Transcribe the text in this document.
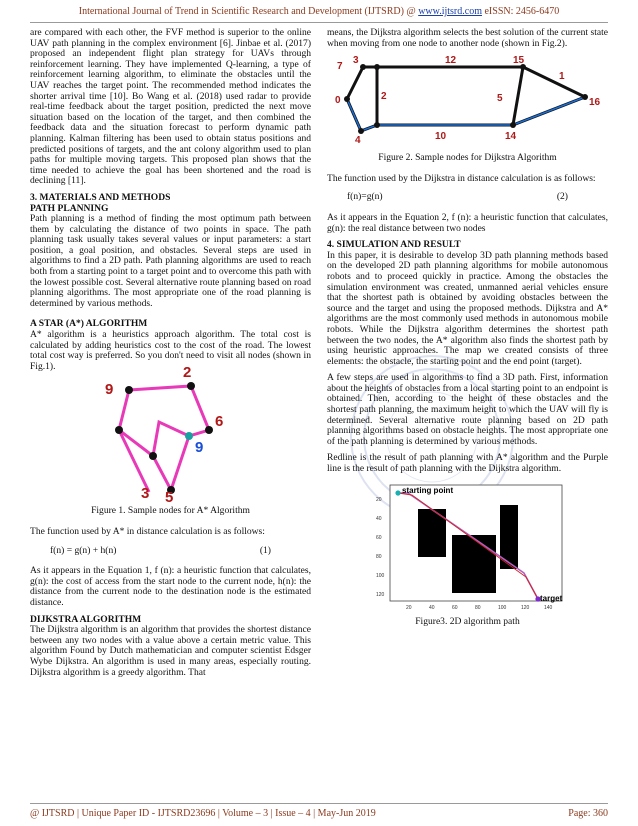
International Journal of Trend in Scientific Research and Development (IJTSRD) @ www.ijtsrd.com eISSN: 2456-6470

are compared with each other, the FVF method is superior to the online UAV path planning in the complex environment [6]. Jinbae et al. (2017) proposed an independent flight plan strategy for UAVs through reinforcement learning. They have implemented Q-learning, a type of reinforcement learning algorithm, to eliminate the obstacles until the UAV reaches the target point. The recommended method indicates the shorter arrival time [10]. Bo Wang et al. (2018) used radar to provide real-time feedback about the target position, predicted the next move situation based on the location of the target, and then combined the feedback data and the situation forecast to perform dynamic path planning. Kalman filtering has been used to obtain status positions and predicted positions of targets, and the ant colony algorithm used to plan paths for multiple moving targets. This proposed plan shows that the time needed to achieve the goal has been shortened and the road is declining [11].

3. MATERIALS AND METHODS
PATH PLANNING

Path planning is a method of finding the most optimum path between them by calculating the distance of two points in space. The path planning task usually takes several values or input parameters: a start position, a goal position, and obstacles. Several steps are used in algorithms to find a 2D path. Path planning algorithms are used to reach both from a starting point to a target point and to overcome this path with the lowest possible cost. Several alternative route planning based on road planning algorithms. The most appropriate one of the road planning is determined by various methods.

A STAR (A*) ALGORITHM

A* algorithm is a heuristics approach algorithm. The total cost is calculated by adding heuristics cost to the cost of the road. The lowest total cost way is preferred. So you don't need to visit all nodes (shown in Fig.1).

9
2
6
9
3 5
Figure 1. Sample nodes for A* Algorithm

The function used by A* in distance calculation is as follows:

f(n) = g(n) + h(n)	(1)

As it appears in the Equation 1, f (n): a heuristic function that calculates, g(n): the cost of access from the start node to the current node, h(n): the distance from the current node to the destination node is the estimated distance.

DIJKSTRA ALGORITHM

The Dijkstra algorithm is an algorithm that provides the shortest distance between any two nodes with a value above a certain metric value. This algorithm Found by Dutch mathematician and computer scientist Edsger Wybe Dijkstra. An algorithm is used in many areas, especially routing. Dijkstra algorithm is a greedy algorithm. That

means, the Dijkstra algorithm selects the best solution of the current state when moving from one node to another node (shown in Fig.2).

0
3
2
12	15
1
16
5
14
10
4
7
Figure 2. Sample nodes for Dijkstra Algorithm

The function used by the Dijkstra in distance calculation is as follows:

f(n)=g(n)	(2)

As it appears in the Equation 2, f (n): a heuristic function that calculates, g(n): the real distance between two nodes

4. SIMULATION AND RESULT

In this paper, it is desirable to develop 3D path planning methods based on the developed 2D path planning algorithms for mobile autonomous robots and to proceed quickly in practice. Among the obstacles the simulation environment was created, unmanned aerial vehicles ensure that the shortest path is obtained by avoiding obstacles between the source and the target and using the proposed methods. Dijkstra and A* algorithms are the most commonly used methods in autonomous mobile robots. While the Dijkstra algorithm determines the shortest path between the two nodes, the A* algorithm also finds the shortest path by using heuristic approaches. The map we created consists of three elements: the obstacle, the starting point and the end point (target).

A few steps are used in algorithms to find a 3D path. First, information about the heights of obstacles from a local starting point to an endpoint is obtained. Then, according to the height of these obstacles and the shortest path planning, the maximum height to which the UAV will fly is determined. Several alternative route planning based on 2D path planning algorithms based on obstacle heights. The most appropriate one of the path planning is determined by various methods.

Redline is the result of path planning with A* algorithm and the Purple line is the result of path planning with the Dijkstra algorithm.

starting point
target
20
40
60
80
100
120
20	40	60	80	100	120	140
Figure3. 2D algorithm path
@ IJTSRD | Unique Paper ID - IJTSRD23696 | Volume – 3 | Issue – 4 | May-Jun 2019	Page: 360
